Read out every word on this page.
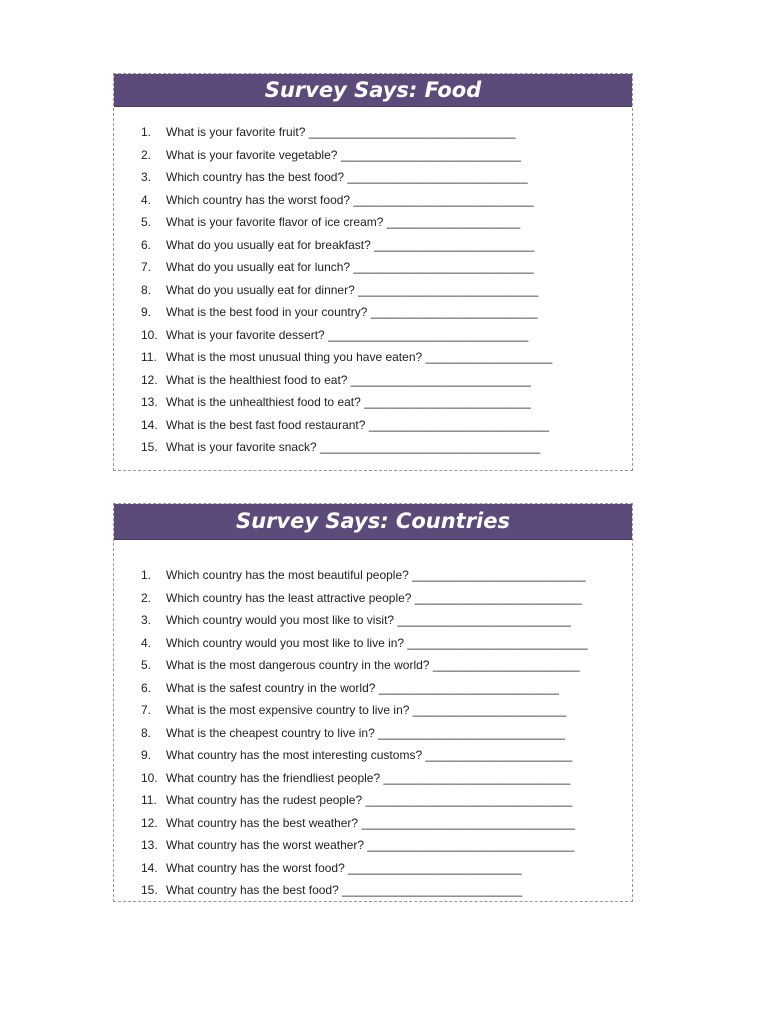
Survey Says: Food
1. What is your favorite fruit? _______________________________
2. What is your favorite vegetable? ___________________________
3. Which country has the best food? ___________________________
4. Which country has the worst food? ___________________________
5. What is your favorite flavor of ice cream? ____________________
6. What do you usually eat for breakfast? ________________________
7. What do you usually eat for lunch? ___________________________
8. What do you usually eat for dinner? ___________________________
9. What is the best food in your country? _________________________
10. What is your favorite dessert? ______________________________
11. What is the most unusual thing you have eaten? ___________________
12. What is the healthiest food to eat? ___________________________
13. What is the unhealthiest food to eat? _________________________
14. What is the best fast food restaurant? ___________________________
15. What is your favorite snack? _________________________________
Survey Says: Countries
1. Which country has the most beautiful people? __________________________
2. Which country has the least attractive people? _________________________
3. Which country would you most like to visit? __________________________
4. Which country would you most like to live in? ___________________________
5. What is the most dangerous country in the world? ______________________
6. What is the safest country in the world? ___________________________
7. What is the most expensive country to live in? _______________________
8. What is the cheapest country to live in? ____________________________
9. What country has the most interesting customs? ______________________
10. What country has the friendliest people? ____________________________
11. What country has the rudest people? _______________________________
12. What country has the best weather? ________________________________
13. What country has the worst weather? _______________________________
14. What country has the worst food? __________________________
15. What country has the best food? ___________________________
